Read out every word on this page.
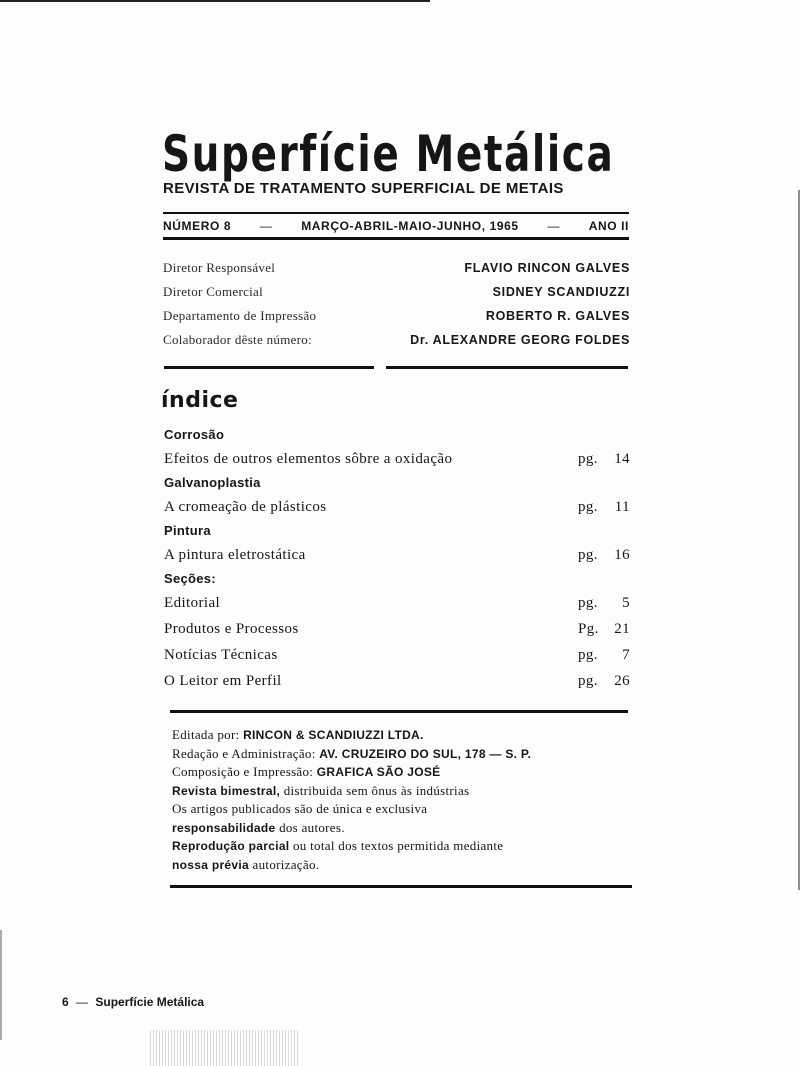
Superfície Metálica
REVISTA DE TRATAMENTO SUPERFICIAL DE METAIS
NÚMERO 8 — MARÇO-ABRIL-MAIO-JUNHO, 1965 — ANO II
Diretor Responsável	FLAVIO RINCON GALVES
Diretor Comercial	SIDNEY SCANDIUZZI
Departamento de Impressão	ROBERTO R. GALVES
Colaborador dêste número:	Dr. ALEXANDRE GEORG FOLDES
índice
Corrosão
Efeitos de outros elementos sôbre a oxidação	pg. 14
Galvanoplastia
A cromeação de plásticos	pg. 11
Pintura
A pintura eletrostática	pg. 16
Seções:
Editorial	pg. 5
Produtos e Processos	Pg. 21
Notícias Técnicas	pg. 7
O Leitor em Perfil	pg. 26
Editada por: RINCON & SCANDIUZZI LTDA.
Redação e Administração: AV. CRUZEIRO DO SUL, 178 — S. P.
Composição e Impressão: GRAFICA SÃO JOSÉ
Revista bimestral, distribuida sem ônus às indústrias
Os artigos publicados são de única e exclusiva
responsabilidade dos autores.
Reprodução parcial ou total dos textos permitida mediante
nossa prévia autorização.
6 — Superfície Metálica
